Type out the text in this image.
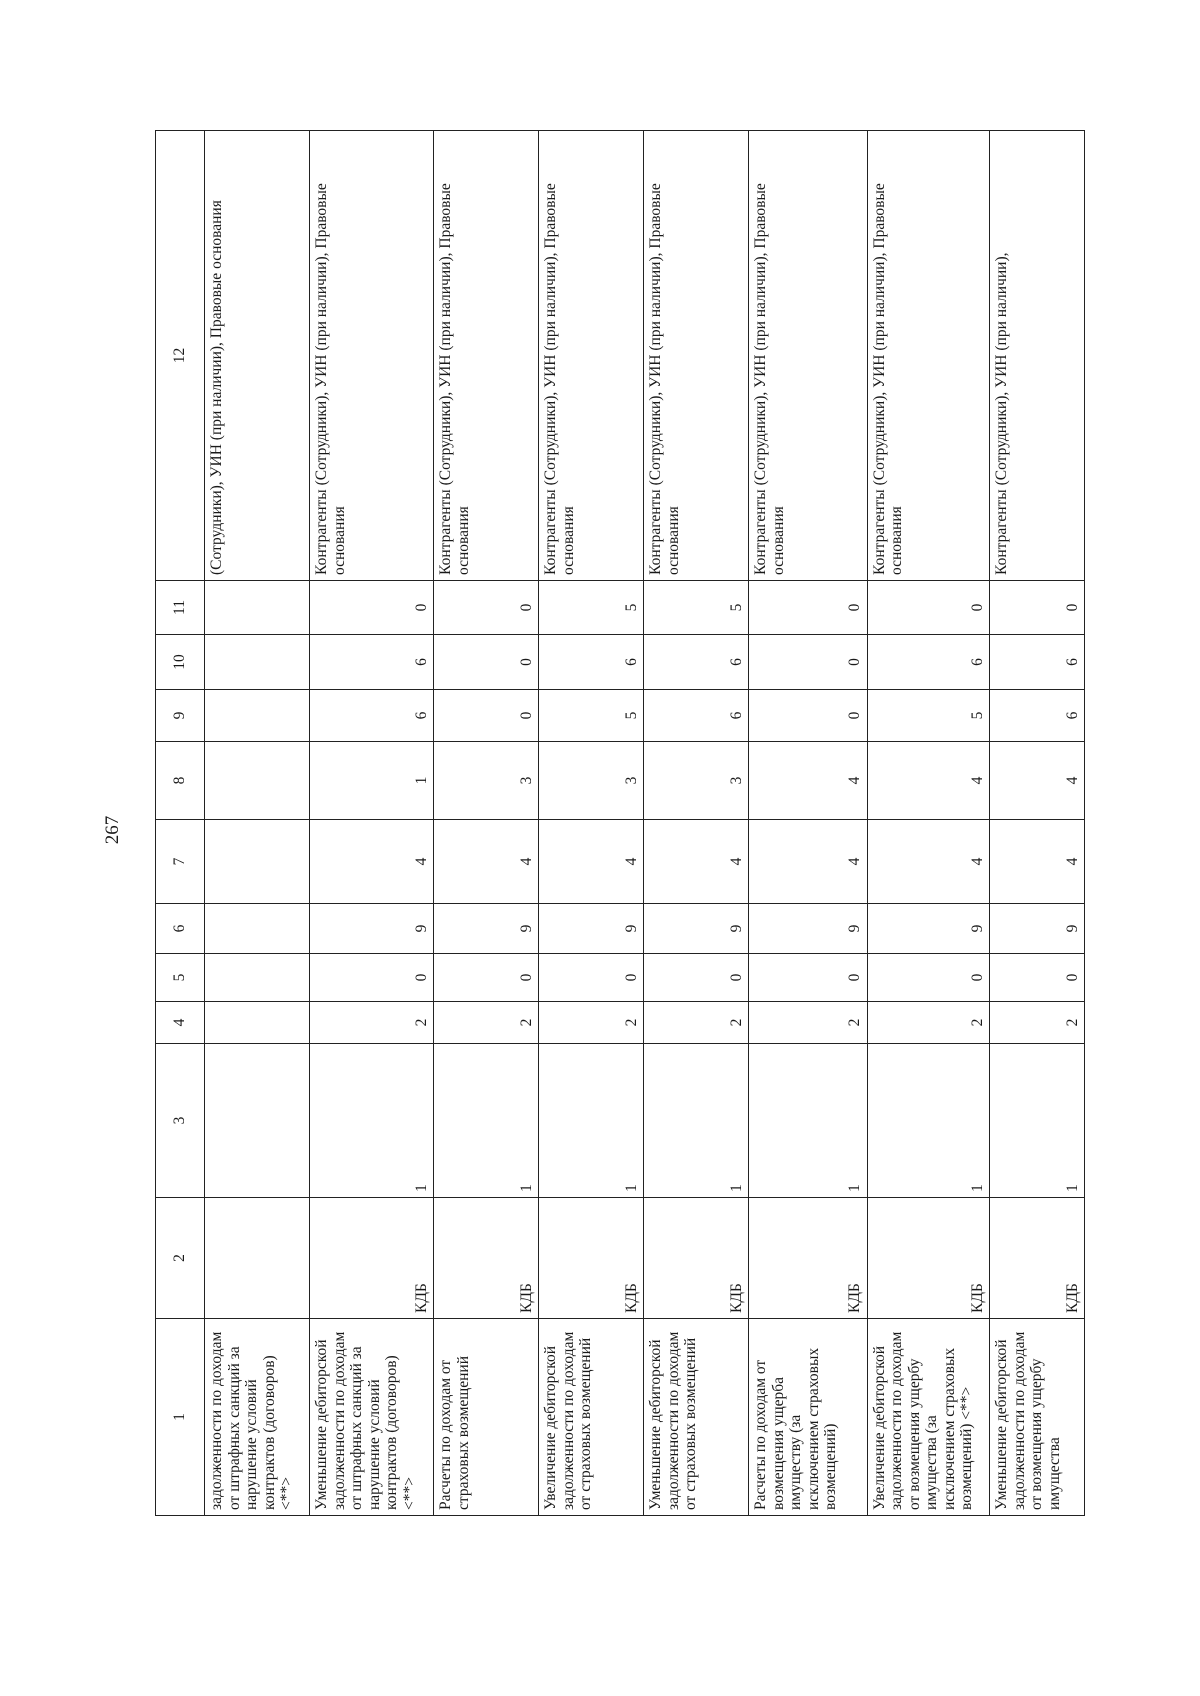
267
1	2	3	4	5	6	7	8	9	10	11	12
задолженности по доходам от штрафных санкций за нарушение условий контрактов (договоров) <**>											(Сотрудники), УИН (при наличии), Правовые основания
Уменьшение дебиторской задолженности по доходам от штрафных санкций за нарушение условий контрактов (договоров) <**>	КДБ	1	2	0	9	4	1	6	6	0	Контрагенты (Сотрудники), УИН (при наличии), Правовые основания
Расчеты по доходам от страховых возмещений	КДБ	1	2	0	9	4	3	0	0	0	Контрагенты (Сотрудники), УИН (при наличии), Правовые основания
Увеличение дебиторской задолженности по доходам от страховых возмещений	КДБ	1	2	0	9	4	3	5	6	5	Контрагенты (Сотрудники), УИН (при наличии), Правовые основания
Уменьшение дебиторской задолженности по доходам от страховых возмещений	КДБ	1	2	0	9	4	3	6	6	5	Контрагенты (Сотрудники), УИН (при наличии), Правовые основания
Расчеты по доходам от возмещения ущерба имуществу (за исключением страховых возмещений)	КДБ	1	2	0	9	4	4	0	0	0	Контрагенты (Сотрудники), УИН (при наличии), Правовые основания
Увеличение дебиторской задолженности по доходам от возмещения ущербу имущества (за исключением страховых возмещений) <**>	КДБ	1	2	0	9	4	4	5	6	0	Контрагенты (Сотрудники), УИН (при наличии), Правовые основания
Уменьшение дебиторской задолженности по доходам от возмещения ущербу имущества	КДБ	1	2	0	9	4	4	6	6	0	Контрагенты (Сотрудники), УИН (при наличии),
